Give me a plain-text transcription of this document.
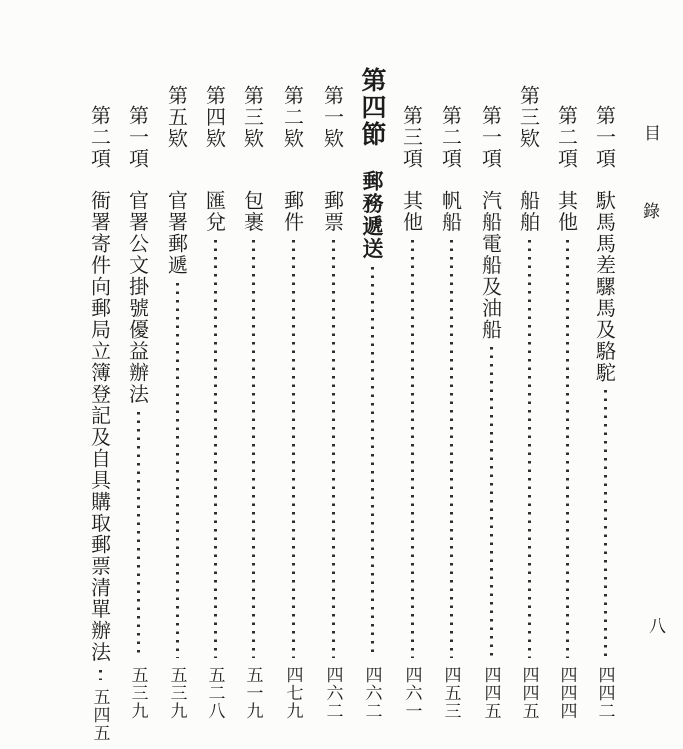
目
錄
八
第一項
馱馬馬差騾馬及駱駝
四四二
第二項
其他
四四四
第三欵
船舶
四四五
第一項
汽船電船及油船
四四五
第二項
帆船
四五三
第三項
其他
四六一
第四節
郵務遞送
四六二
第一欵
郵票
四六二
第二欵
郵件
四七九
第三欵
包裹
五一九
第四欵
匯兌
五二八
第五欵
官署郵遞
五三九
第一項
官署公文掛號優益辦法
五三九
第二項
衙署寄件向郵局立簿登記及自具購取郵票清單辦法
五四五
